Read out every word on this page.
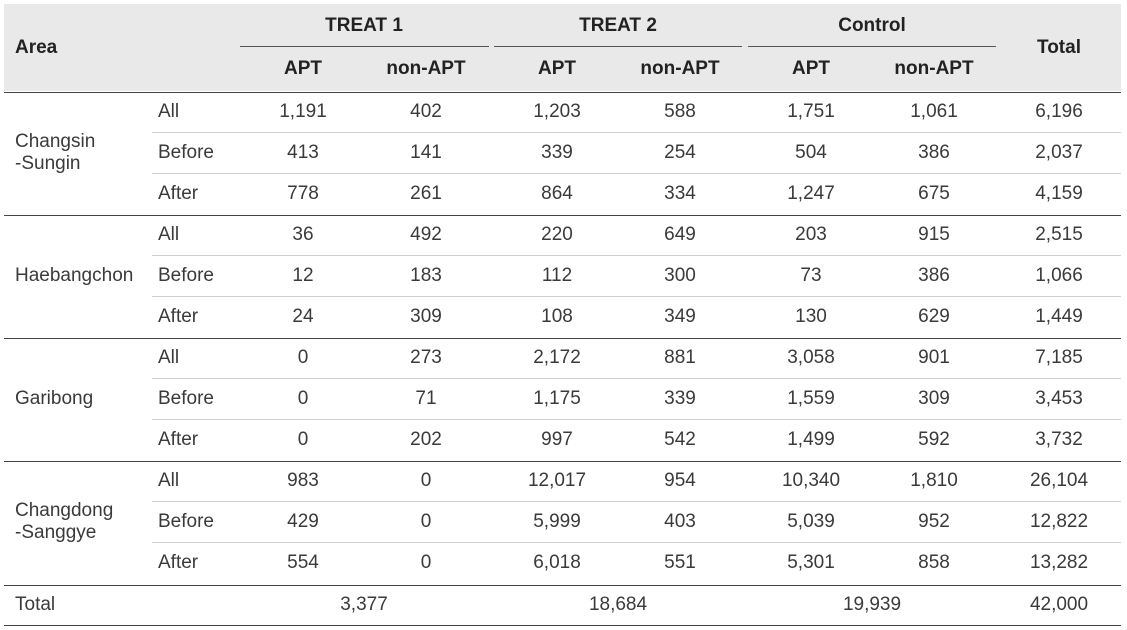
Area
TREAT 1	TREAT 2	Control
APT	non-APT	APT	non-APT	APT	non-APT
Total
Changsin
-Sungin
All	1,191	402	1,203	588	1,751	1,061	6,196
Before	413	141	339	254	504	386	2,037
After	778	261	864	334	1,247	675	4,159
Haebangchon
All	36	492	220	649	203	915	2,515
Before	12	183	112	300	73	386	1,066
After	24	309	108	349	130	629	1,449
Garibong
All	0	273	2,172	881	3,058	901	7,185
Before	0	71	1,175	339	1,559	309	3,453
After	0	202	997	542	1,499	592	3,732
Changdong
-Sanggye
All	983	0	12,017	954	10,340	1,810	26,104
Before	429	0	5,999	403	5,039	952	12,822
After	554	0	6,018	551	5,301	858	13,282
Total	3,377	18,684	19,939	42,000
